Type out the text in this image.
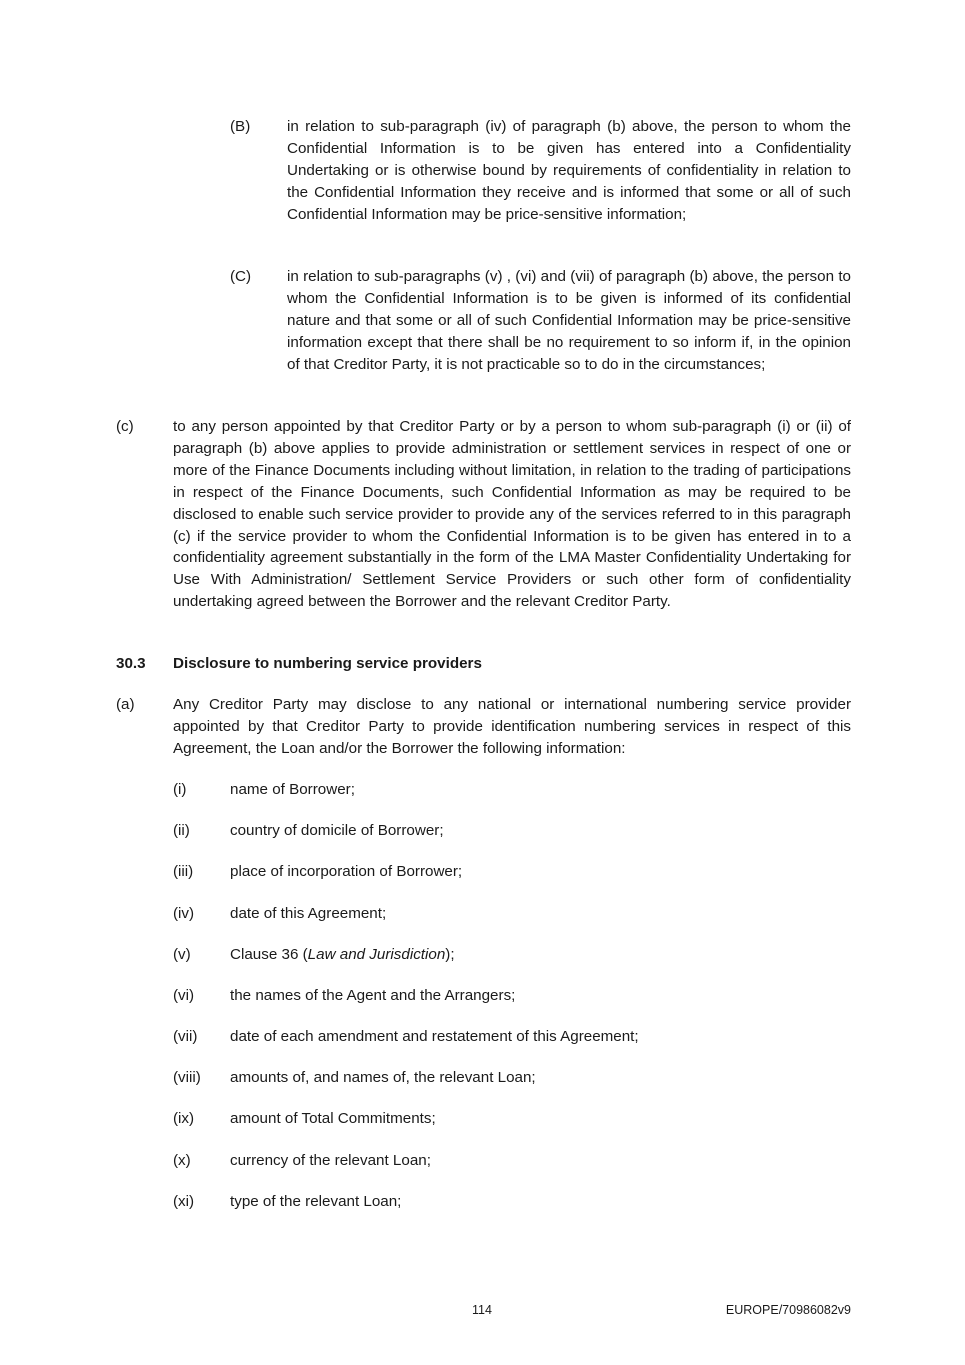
(B) in relation to sub-paragraph (iv) of paragraph (b) above, the person to whom the Confidential Information is to be given has entered into a Confidentiality Undertaking or is otherwise bound by requirements of confidentiality in relation to the Confidential Information they receive and is informed that some or all of such Confidential Information may be price-sensitive information;
(C) in relation to sub-paragraphs (v) , (vi) and (vii) of paragraph (b) above, the person to whom the Confidential Information is to be given is informed of its confidential nature and that some or all of such Confidential Information may be price-sensitive information except that there shall be no requirement to so inform if, in the opinion of that Creditor Party, it is not practicable so to do in the circumstances;
(c)	to any person appointed by that Creditor Party or by a person to whom sub-paragraph (i) or (ii) of paragraph (b) above applies to provide administration or settlement services in respect of one or more of the Finance Documents including without limitation, in relation to the trading of participations in respect of the Finance Documents, such Confidential Information as may be required to be disclosed to enable such service provider to provide any of the services referred to in this paragraph (c) if the service provider to whom the Confidential Information is to be given has entered in to a confidentiality agreement substantially in the form of the LMA Master Confidentiality Undertaking for Use With Administration/ Settlement Service Providers or such other form of confidentiality undertaking agreed between the Borrower and the relevant Creditor Party.
30.3 Disclosure to numbering service providers
(a)	Any Creditor Party may disclose to any national or international numbering service provider appointed by that Creditor Party to provide identification numbering services in respect of this Agreement, the Loan and/or the Borrower the following information:
(i)	name of Borrower;
(ii)	country of domicile of Borrower;
(iii) place of incorporation of Borrower;
(iv) date of this Agreement;
(v)	Clause 36 (Law and Jurisdiction);
(vi) the names of the Agent and the Arrangers;
(vii) date of each amendment and restatement of this Agreement;
(viii) amounts of, and names of, the relevant Loan;
(ix) amount of Total Commitments;
(x)	currency of the relevant Loan;
(xi) type of the relevant Loan;
114	EUROPE/70986082v9
